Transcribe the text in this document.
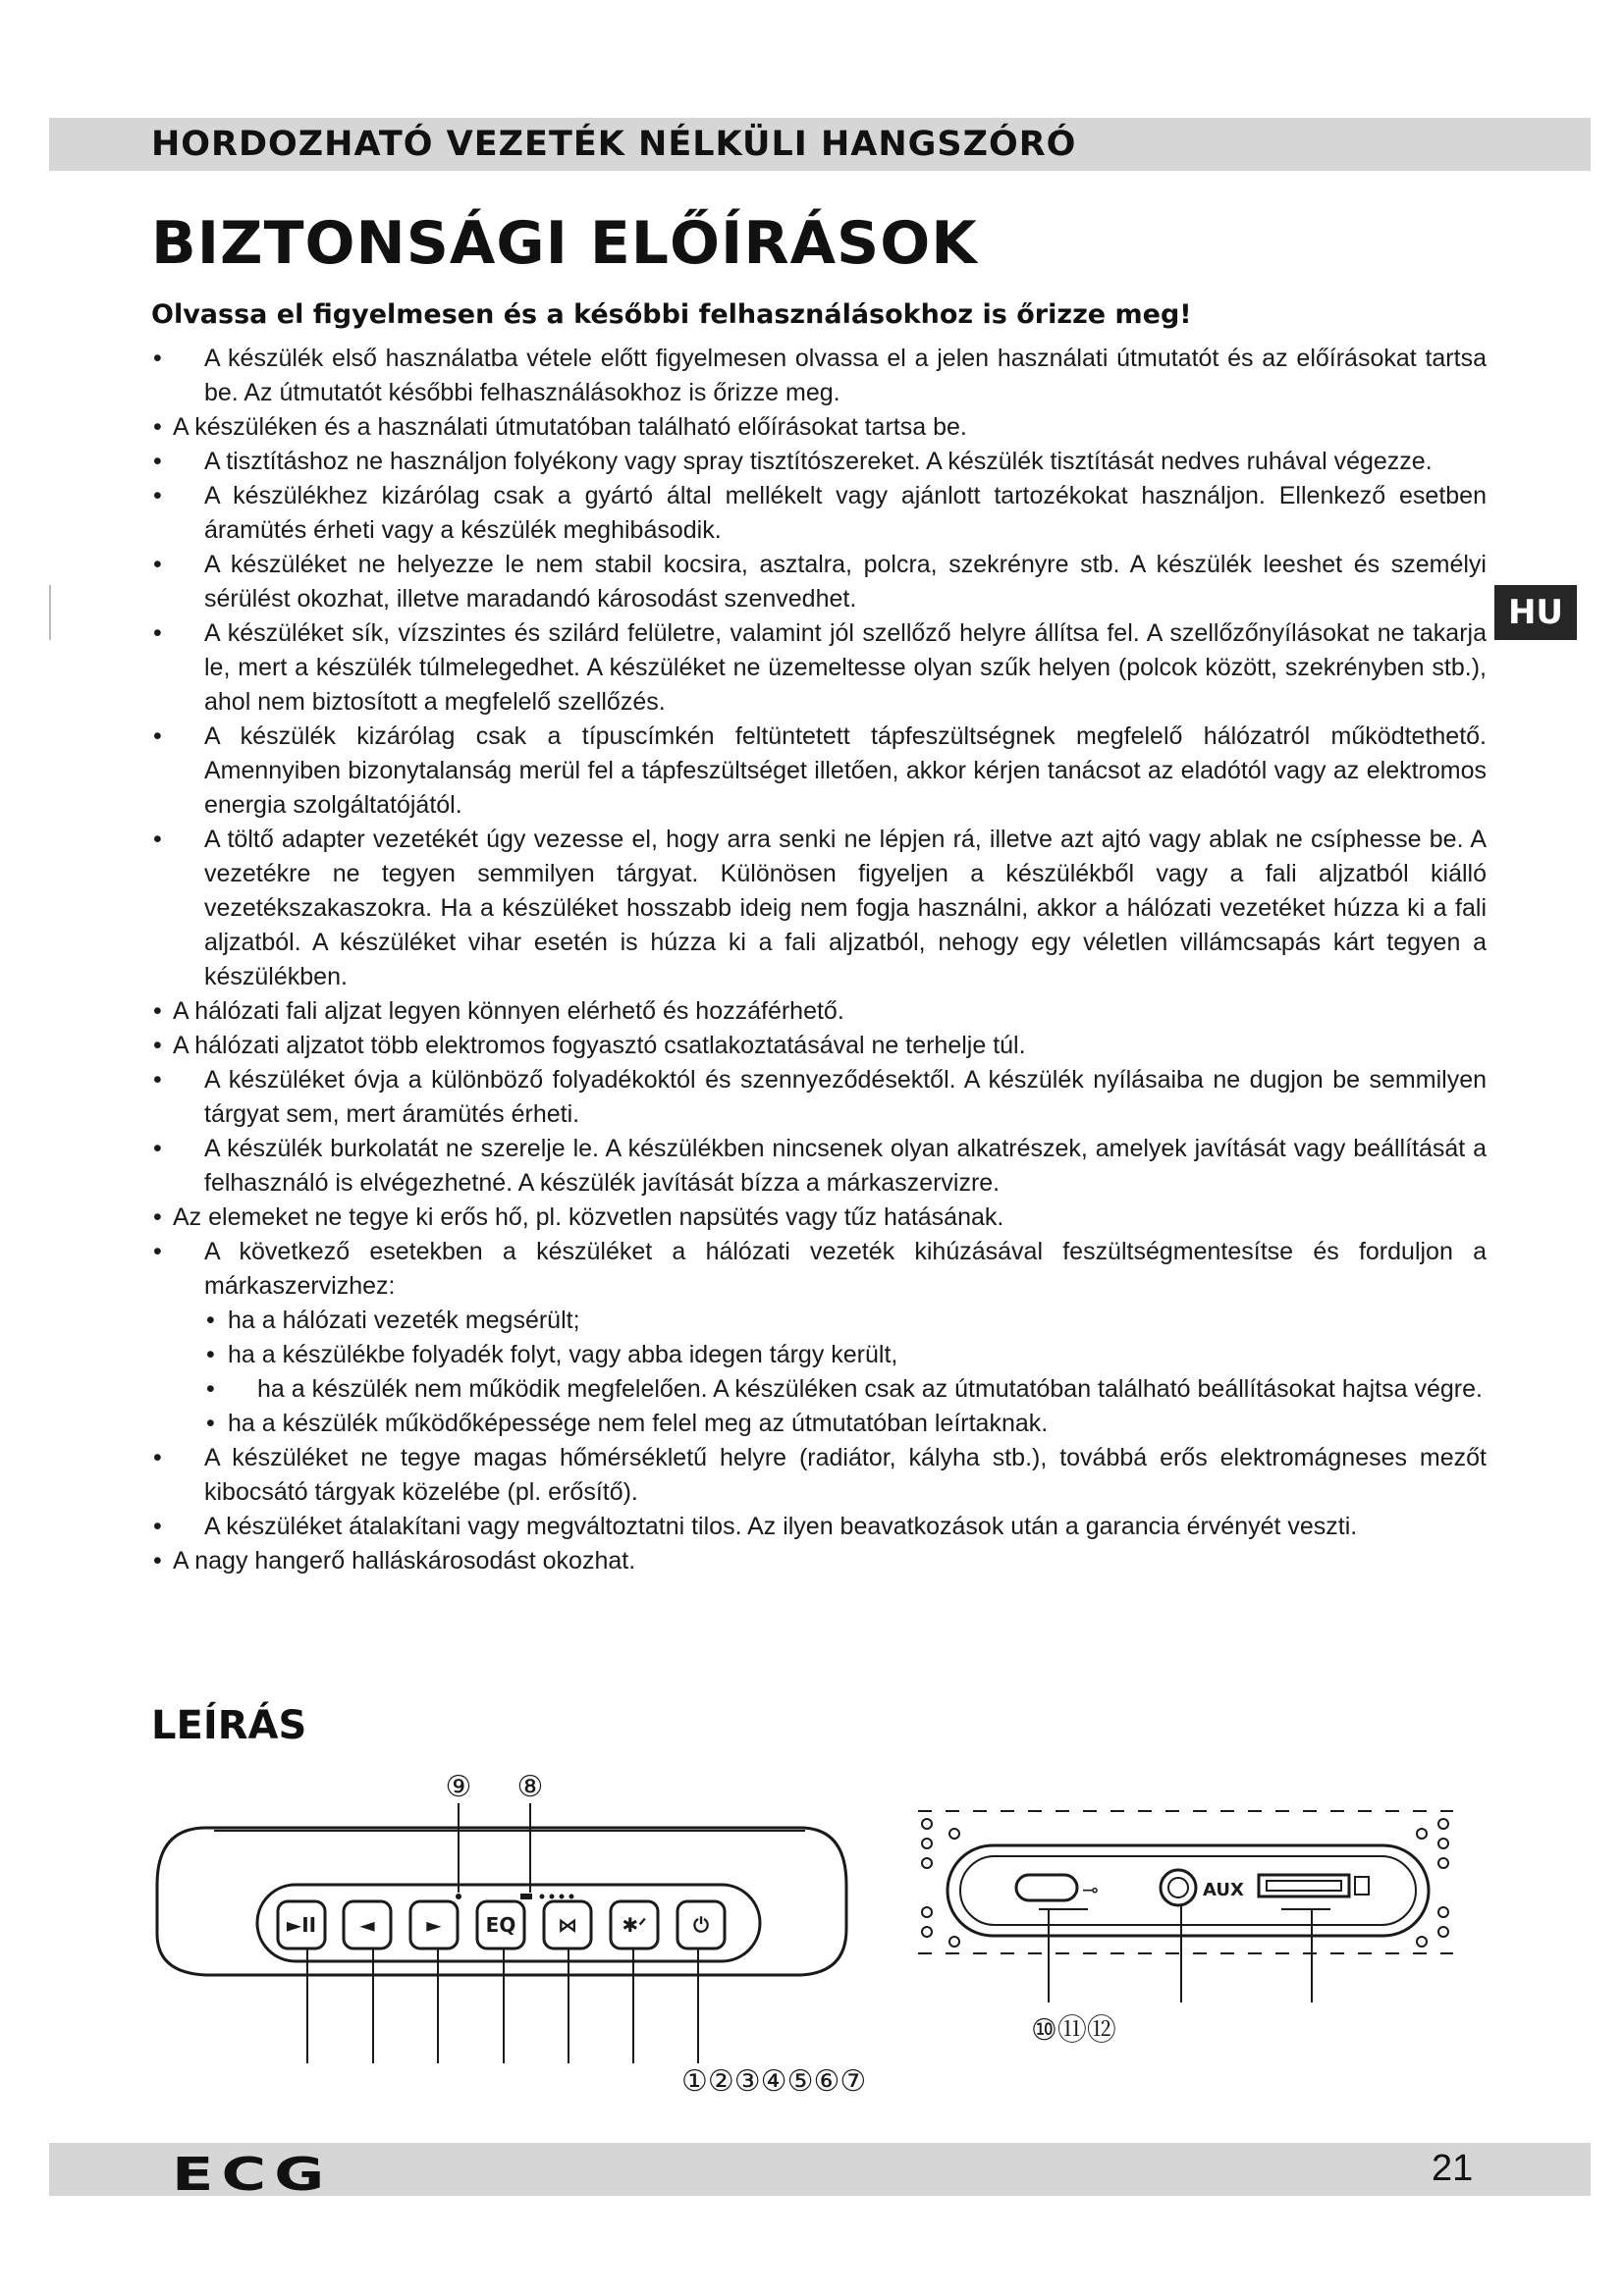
HORDOZHATÓ VEZETÉK NÉLKÜLI HANGSZÓRÓ
BIZTONSÁGI ELŐÍRÁSOK
Olvassa el figyelmesen és a későbbi felhasználásokhoz is őrizze meg!
HU
• A készülék első használatba vétele előtt figyelmesen olvassa el a jelen használati útmutatót és az előírásokat tartsa be. Az útmutatót későbbi felhasználásokhoz is őrizze meg.
• A készüléken és a használati útmutatóban található előírásokat tartsa be.
• A tisztításhoz ne használjon folyékony vagy spray tisztítószereket. A készülék tisztítását nedves ruhával végezze.
• A készülékhez kizárólag csak a gyártó által mellékelt vagy ajánlott tartozékokat használjon. Ellenkező esetben áramütés érheti vagy a készülék meghibásodik.
• A készüléket ne helyezze le nem stabil kocsira, asztalra, polcra, szekrényre stb. A készülék leeshet és személyi sérülést okozhat, illetve maradandó károsodást szenvedhet.
• A készüléket sík, vízszintes és szilárd felületre, valamint jól szellőző helyre állítsa fel. A szellőzőnyílásokat ne takarja le, mert a készülék túlmelegedhet. A készüléket ne üzemeltesse olyan szűk helyen (polcok között, szekrényben stb.), ahol nem biztosított a megfelelő szellőzés.
• A készülék kizárólag csak a típuscímkén feltüntetett tápfeszültségnek megfelelő hálózatról működtethető. Amennyiben bizonytalanság merül fel a tápfeszültséget illetően, akkor kérjen tanácsot az eladótól vagy az elektromos energia szolgáltatójától.
• A töltő adapter vezetékét úgy vezesse el, hogy arra senki ne lépjen rá, illetve azt ajtó vagy ablak ne csíphesse be. A vezetékre ne tegyen semmilyen tárgyat. Különösen figyeljen a készülékből vagy a fali aljzatból kiálló vezetékszakaszokra. Ha a készüléket hosszabb ideig nem fogja használni, akkor a hálózati vezetéket húzza ki a fali aljzatból. A készüléket vihar esetén is húzza ki a fali aljzatból, nehogy egy véletlen villámcsapás kárt tegyen a készülékben.
• A hálózati fali aljzat legyen könnyen elérhető és hozzáférhető.
• A hálózati aljzatot több elektromos fogyasztó csatlakoztatásával ne terhelje túl.
• A készüléket óvja a különböző folyadékoktól és szennyeződésektől. A készülék nyílásaiba ne dugjon be semmilyen tárgyat sem, mert áramütés érheti.
• A készülék burkolatát ne szerelje le. A készülékben nincsenek olyan alkatrészek, amelyek javítását vagy beállítását a felhasználó is elvégezhetné. A készülék javítását bízza a márkaszervizre.
• Az elemeket ne tegye ki erős hő, pl. közvetlen napsütés vagy tűz hatásának.
• A következő esetekben a készüléket a hálózati vezeték kihúzásával feszültségmentesítse és forduljon a márkaszervizhez:
• ha a hálózati vezeték megsérült;
• ha a készülékbe folyadék folyt, vagy abba idegen tárgy került,
• ha a készülék nem működik megfelelően. A készüléken csak az útmutatóban található beállításokat hajtsa végre.
• ha a készülék működőképessége nem felel meg az útmutatóban leírtaknak.
• A készüléket ne tegye magas hőmérsékletű helyre (radiátor, kályha stb.), továbbá erős elektromágneses mezőt kibocsátó tárgyak közelébe (pl. erősítő).
• A készüléket átalakítani vagy megváltoztatni tilos. Az ilyen beavatkozások után a garancia érvényét veszti.
• A nagy hangerő halláskárosodást okozhat.
LEÍRÁS
►II ◄	► EQ ⋈ ✱ᐟ ⏻
⑨ ⑧
①②③④⑤⑥⑦
AUX
⊸
⑩⑪⑫
ECG	21
